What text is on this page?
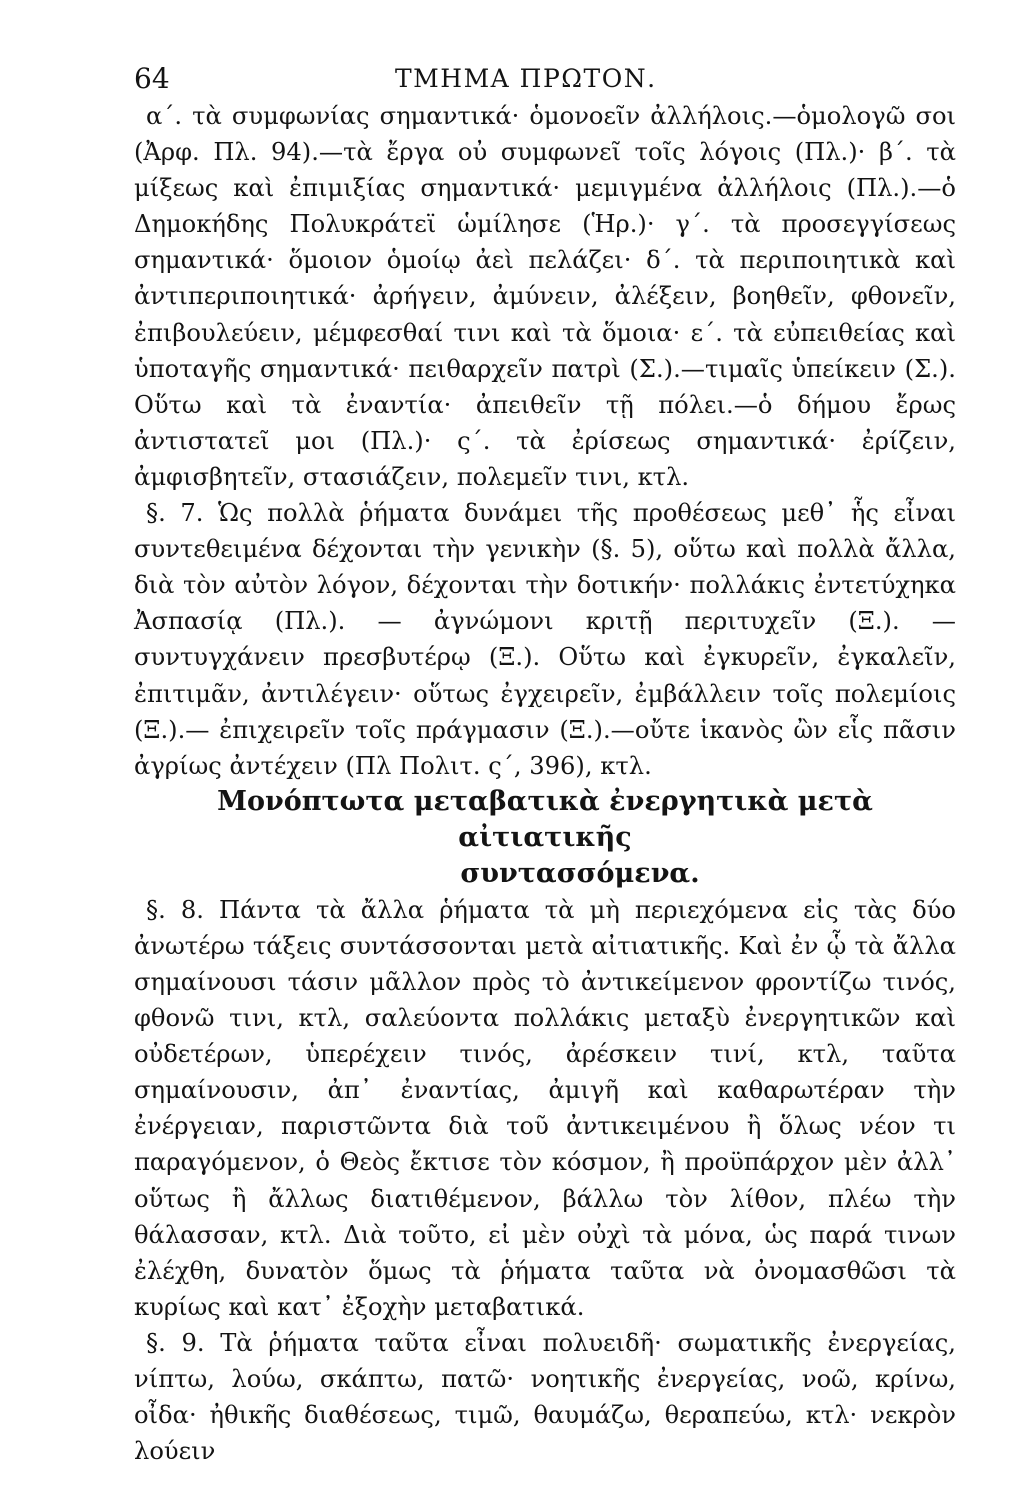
64	ΤΜΗΜΑ ΠΡΩΤΟΝ.

α΄. τὰ συμφωνίας σημαντικά· ὁμονοεῖν ἀλλήλοις.—ὁμολογῶ σοι (Ἀρφ. Πλ. 94).—τὰ ἔργα οὐ συμφωνεῖ τοῖς λόγοις (Πλ.)· β΄. τὰ μίξεως καὶ ἐπιμιξίας σημαντικά· μεμιγμένα ἀλλήλοις (Πλ.).—ὁ Δημοκήδης Πολυκράτεϊ ὡμίλησε (Ἡρ.)· γ΄. τὰ προσεγγίσεως σημαντικά· ὅμοιον ὁμοίῳ ἀεὶ πελάζει· δ΄. τὰ περιποιητικὰ καὶ ἀντιπεριποιητικά· ἀρήγειν, ἀμύνειν, ἀλέξειν, βοηθεῖν, φθονεῖν, ἐπιβουλεύειν, μέμφεσθαί τινι καὶ τὰ ὅμοια· ε΄. τὰ εὐπειθείας καὶ ὑποταγῆς σημαντικά· πειθαρχεῖν πατρὶ (Σ.).—τιμαῖς ὑπείκειν (Σ.). Οὕτω καὶ τὰ ἐναντία· ἀπειθεῖν τῇ πόλει.—ὁ δήμου ἔρως ἀντιστατεῖ μοι (Πλ.)· ς΄. τὰ ἐρίσεως σημαντικά· ἐρίζειν, ἀμφισβητεῖν, στασιάζειν, πολεμεῖν τινι, κτλ.

§. 7. Ὡς πολλὰ ῥήματα δυνάμει τῆς προθέσεως μεθ᾽ ἧς εἶναι συντεθειμένα δέχονται τὴν γενικὴν (§. 5), οὕτω καὶ πολλὰ ἄλλα, διὰ τὸν αὐτὸν λόγον, δέχονται τὴν δοτικήν· πολλάκις ἐντετύχηκα Ἀσπασίᾳ (Πλ.). — ἀγνώμονι κριτῇ περιτυχεῖν (Ξ.). — συντυγχάνειν πρεσβυτέρῳ (Ξ.). Οὕτω καὶ ἐγκυρεῖν, ἐγκαλεῖν, ἐπιτιμᾶν, ἀντιλέγειν· οὕτως ἐγχειρεῖν, ἐμβάλλειν τοῖς πολεμίοις (Ξ.).— ἐπιχειρεῖν τοῖς πράγμασιν (Ξ.).—οὔτε ἱκανὸς ὢν εἷς πᾶσιν ἀγρίως ἀντέχειν (Πλ Πολιτ. ς΄, 396), κτλ.

Μονόπτωτα μεταβατικὰ ἐνεργητικὰ μετὰ αἰτιατικῆς
συντασσόμενα.

§. 8. Πάντα τὰ ἄλλα ῥήματα τὰ μὴ περιεχόμενα εἰς τὰς δύο ἀνωτέρω τάξεις συντάσσονται μετὰ αἰτιατικῆς. Καὶ ἐν ᾧ τὰ ἄλλα σημαίνουσι τάσιν μᾶλλον πρὸς τὸ ἀντικείμενον φροντίζω τινός, φθονῶ τινι, κτλ, σαλεύοντα πολλάκις μεταξὺ ἐνεργητικῶν καὶ οὐδετέρων, ὑπερέχειν τινός, ἀρέσκειν τινί, κτλ, ταῦτα σημαίνουσιν, ἀπ᾽ ἐναντίας, ἀμιγῆ καὶ καθαρωτέραν τὴν ἐνέργειαν, παριστῶντα διὰ τοῦ ἀντικειμένου ἢ ὅλως νέον τι παραγόμενον, ὁ Θεὸς ἔκτισε τὸν κόσμον, ἢ προϋπάρχον μὲν ἀλλ᾽ οὕτως ἢ ἄλλως διατιθέμενον, βάλλω τὸν λίθον, πλέω τὴν θάλασσαν, κτλ. Διὰ τοῦτο, εἰ μὲν οὐχὶ τὰ μόνα, ὡς παρά τινων ἐλέχθη, δυνατὸν ὅμως τὰ ῥήματα ταῦτα νὰ ὀνομασθῶσι τὰ κυρίως καὶ κατ᾽ ἐξοχὴν μεταβατικά.

§. 9. Τὰ ῥήματα ταῦτα εἶναι πολυειδῆ· σωματικῆς ἐνεργείας, νίπτω, λούω, σκάπτω, πατῶ· νοητικῆς ἐνεργείας, νοῶ, κρίνω, οἶδα· ἠθικῆς διαθέσεως, τιμῶ, θαυμάζω, θεραπεύω, κτλ· νεκρὸν λούειν
